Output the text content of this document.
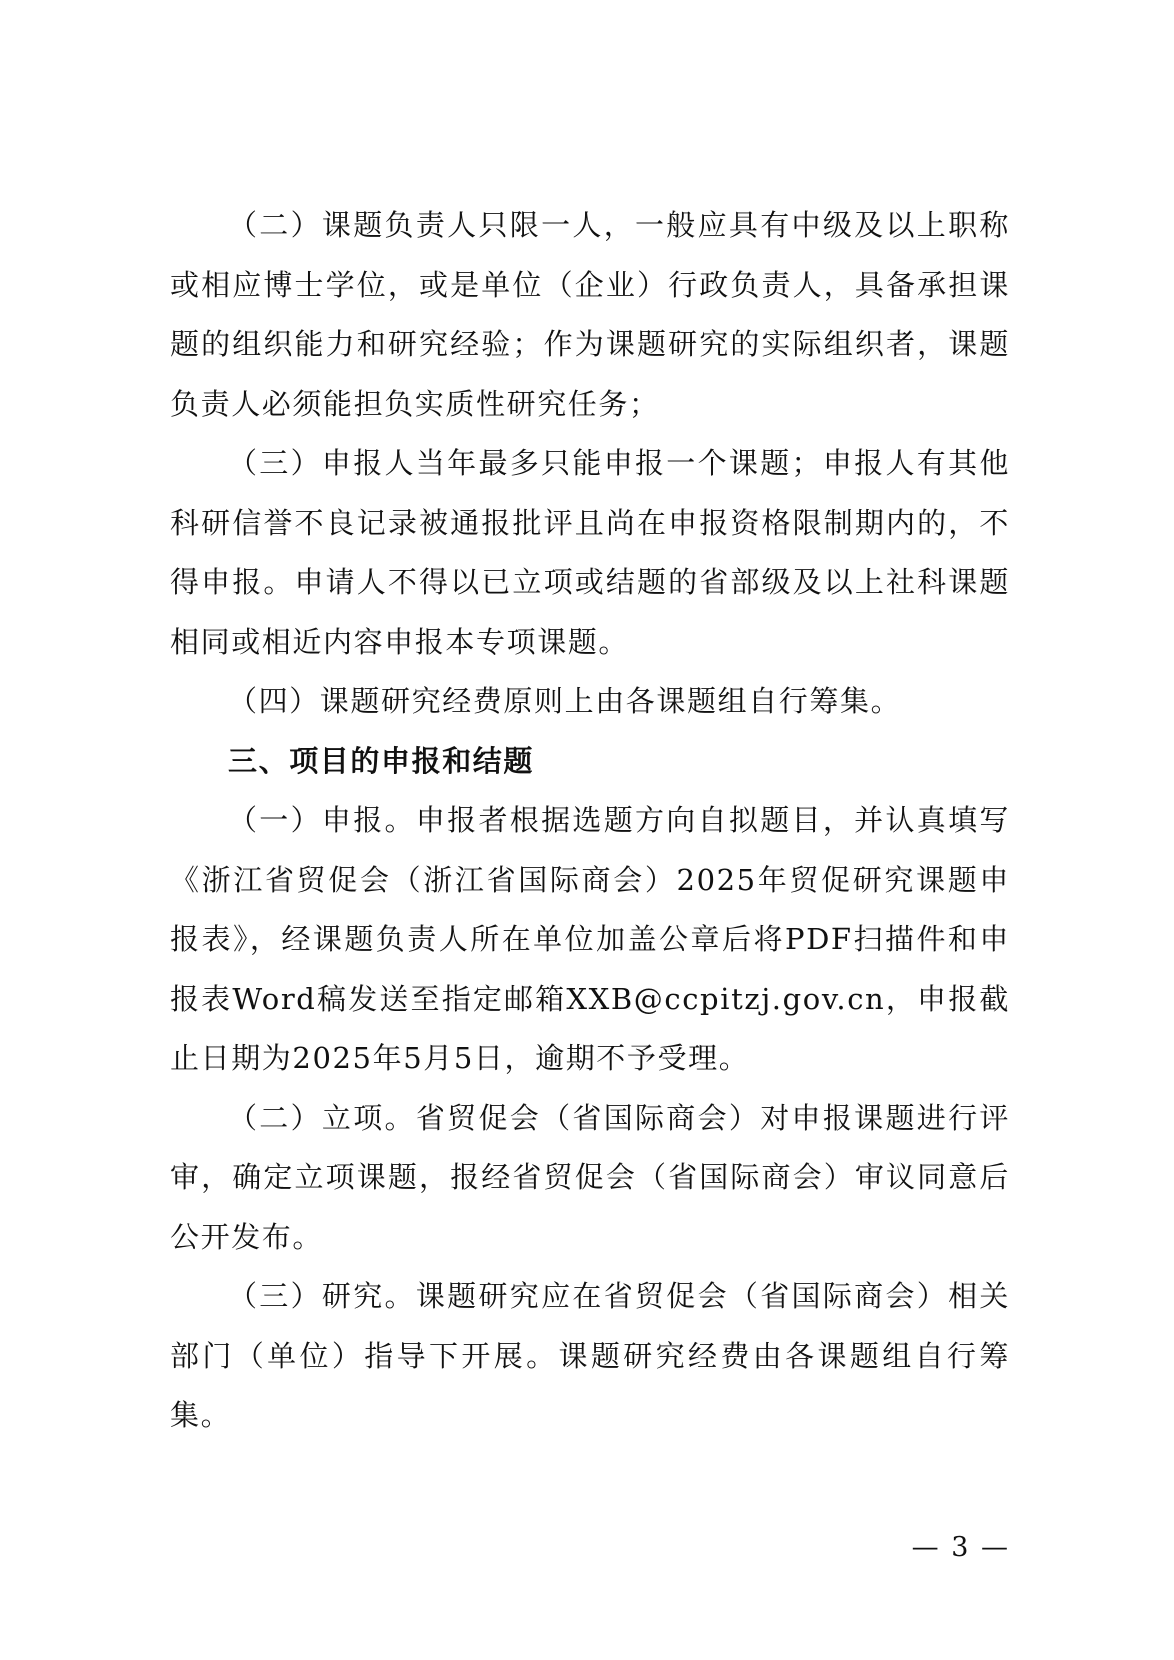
（二）课题负责人只限一人，一般应具有中级及以上职称或相应博士学位，或是单位（企业）行政负责人，具备承担课题的组织能力和研究经验；作为课题研究的实际组织者，课题负责人必须能担负实质性研究任务；

（三）申报人当年最多只能申报一个课题；申报人有其他科研信誉不良记录被通报批评且尚在申报资格限制期内的，不得申报。申请人不得以已立项或结题的省部级及以上社科课题相同或相近内容申报本专项课题。

（四）课题研究经费原则上由各课题组自行筹集。

三、项目的申报和结题

（一）申报。申报者根据选题方向自拟题目，并认真填写《浙江省贸促会（浙江省国际商会）2025年贸促研究课题申报表》，经课题负责人所在单位加盖公章后将PDF扫描件和申报表Word稿发送至指定邮箱XXB@ccpitzj.gov.cn，申报截止日期为2025年5月5日，逾期不予受理。

（二）立项。省贸促会（省国际商会）对申报课题进行评审，确定立项课题，报经省贸促会（省国际商会）审议同意后公开发布。

（三）研究。课题研究应在省贸促会（省国际商会）相关部门（单位）指导下开展。课题研究经费由各课题组自行筹集。

— 3 —
